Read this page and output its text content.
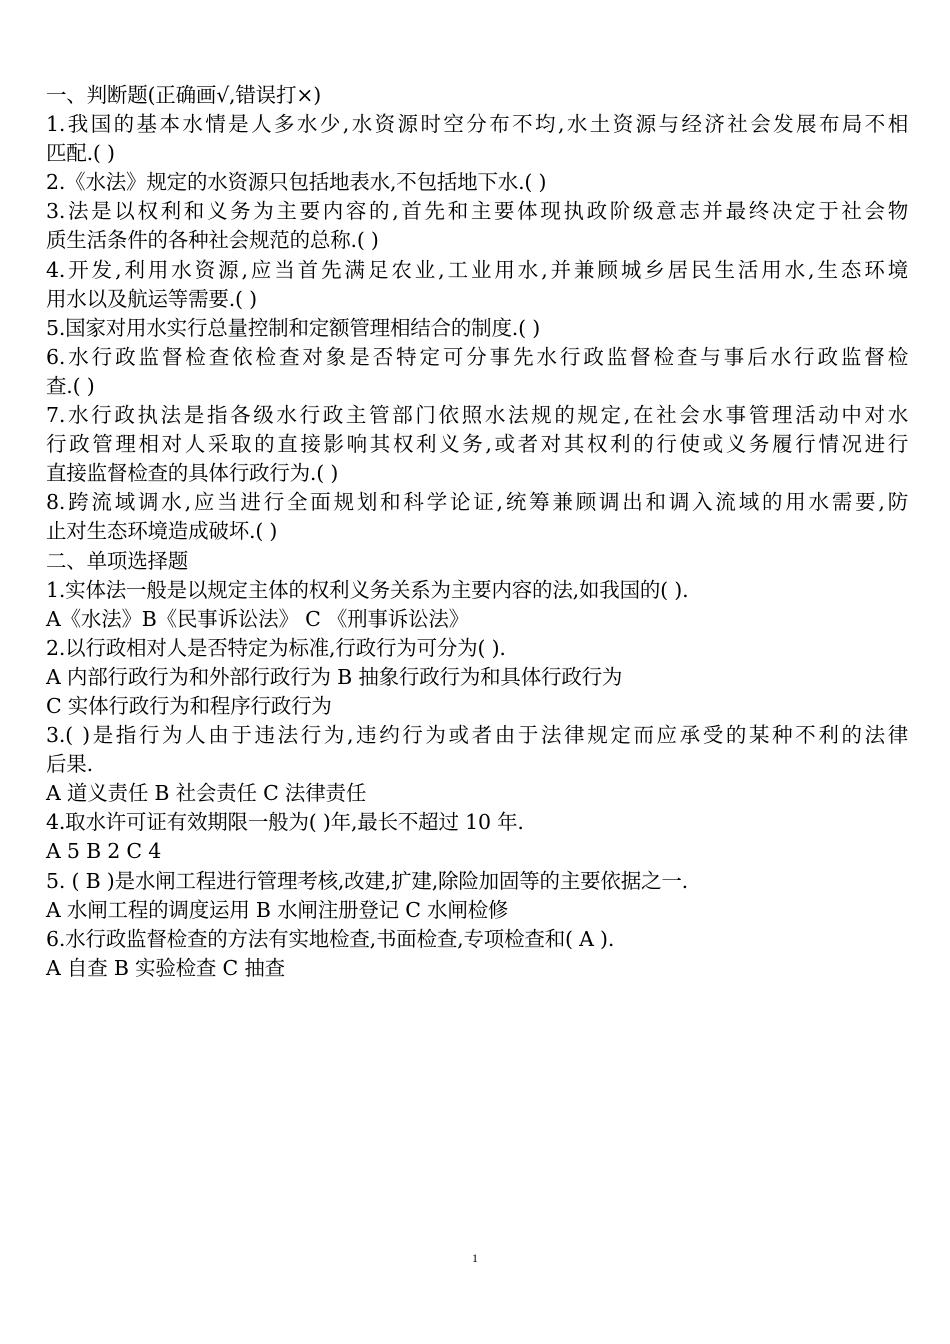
一、判断题(正确画√,错误打×)
1.我国的基本水情是人多水少,水资源时空分布不均,水土资源与经济社会发展布局不相
匹配.( )
2.《水法》规定的水资源只包括地表水,不包括地下水.( )
3.法是以权利和义务为主要内容的,首先和主要体现执政阶级意志并最终决定于社会物
质生活条件的各种社会规范的总称.( )
4.开发,利用水资源,应当首先满足农业,工业用水,并兼顾城乡居民生活用水,生态环境
用水以及航运等需要.( )
5.国家对用水实行总量控制和定额管理相结合的制度.( )
6.水行政监督检查依检查对象是否特定可分事先水行政监督检查与事后水行政监督检
查.( )
7.水行政执法是指各级水行政主管部门依照水法规的规定,在社会水事管理活动中对水
行政管理相对人采取的直接影响其权利义务,或者对其权利的行使或义务履行情况进行
直接监督检查的具体行政行为.( )
8.跨流域调水,应当进行全面规划和科学论证,统筹兼顾调出和调入流域的用水需要,防
止对生态环境造成破坏.( )
二、单项选择题
1.实体法一般是以规定主体的权利义务关系为主要内容的法,如我国的( ).
A《水法》B《民事诉讼法》 C 《刑事诉讼法》
2.以行政相对人是否特定为标准,行政行为可分为( ).
A 内部行政行为和外部行政行为 B 抽象行政行为和具体行政行为
C 实体行政行为和程序行政行为
3.( )是指行为人由于违法行为,违约行为或者由于法律规定而应承受的某种不利的法律
后果.
A 道义责任 B 社会责任 C 法律责任
4.取水许可证有效期限一般为( )年,最长不超过 10 年.
A 5 B 2 C 4
5. ( B )是水闸工程进行管理考核,改建,扩建,除险加固等的主要依据之一.
A 水闸工程的调度运用 B 水闸注册登记 C 水闸检修
6.水行政监督检查的方法有实地检查,书面检查,专项检查和( A ).
A 自查 B 实验检查 C 抽查
1
